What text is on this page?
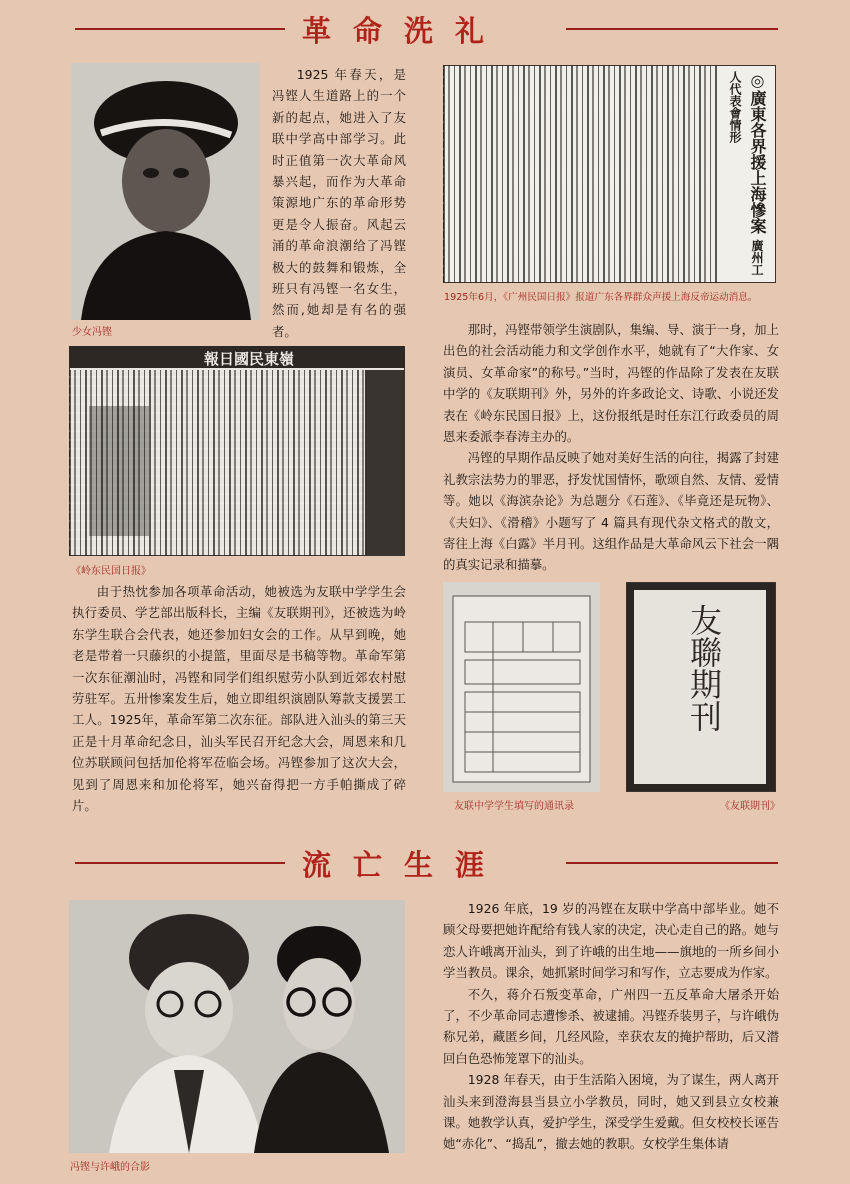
革命洗礼
少女冯铿

1925 年春天，是冯铿人生道路上的一个新的起点，她进入了友联中学高中部学习。此时正值第一次大革命风暴兴起，而作为大革命策源地广东的革命形势更是令人振奋。风起云涌的革命浪潮给了冯铿极大的鼓舞和锻炼，全班只有冯铿一名女生，然而,她却是有名的强者。

◎廣東各界援上海慘案 廣州工人代表會情形
1925年6月，《广州民国日报》报道广东各界群众声援上海反帝运动消息。
報日國民東嶺
《岭东民国日报》

由于热忱参加各项革命活动，她被选为友联中学学生会执行委员、学艺部出版科长，主编《友联期刊》，还被选为岭东学生联合会代表，她还参加妇女会的工作。从早到晚，她老是带着一只藤织的小提篮，里面尽是书稿等物。革命军第一次东征潮汕时，冯铿和同学们组织慰劳小队到近郊农村慰劳驻军。五卅惨案发生后，她立即组织演剧队筹款支援罢工工人。1925年，革命军第二次东征。部队进入汕头的第三天正是十月革命纪念日，汕头军民召开纪念大会，周恩来和几位苏联顾问包括加伦将军莅临会场。冯铿参加了这次大会，见到了周恩来和加伦将军，她兴奋得把一方手帕撕成了碎片。

那时，冯铿带领学生演剧队，集编、导、演于一身，加上出色的社会活动能力和文学创作水平，她就有了“大作家、女演员、女革命家”的称号。”当时，冯铿的作品除了发表在友联中学的《友联期刊》外，另外的许多政论文、诗歌、小说还发表在《岭东民国日报》上，这份报纸是时任东江行政委员的周恩来委派李春涛主办的。

冯铿的早期作品反映了她对美好生活的向往，揭露了封建礼教宗法势力的罪恶，抒发忧国情怀，歌颂自然、友情、爱情等。她以《海滨杂论》为总题分《石莲》、《毕竟还是玩物》、《夫妇》、《滑稽》小题写了 4 篇具有现代杂文格式的散文，寄往上海《白露》半月刊。这组作品是大革命风云下社会一隅的真实记录和描摹。

友联中学学生填写的通讯录
友聯期刊
《友联期刊》
流亡生涯
冯铿与许峨的合影

1926 年底，19 岁的冯铿在友联中学高中部毕业。她不顾父母要把她许配给有钱人家的决定，决心走自己的路。她与恋人许峨离开汕头，到了许峨的出生地——旗地的一所乡间小学当教员。课余，她抓紧时间学习和写作，立志要成为作家。

不久，蒋介石叛变革命，广州四一五反革命大屠杀开始了，不少革命同志遭惨杀、被逮捕。冯铿乔装男子，与许峨伪称兄弟，藏匿乡间，几经风险，幸获农友的掩护帮助，后又潜回白色恐怖笼罩下的汕头。

1928 年春天，由于生活陷入困境，为了谋生，两人离开汕头来到澄海县当县立小学教员，同时，她又到县立女校兼课。她教学认真，爱护学生，深受学生爱戴。但女校校长诬告她“赤化”、“捣乱”，撤去她的教职。女校学生集体请
